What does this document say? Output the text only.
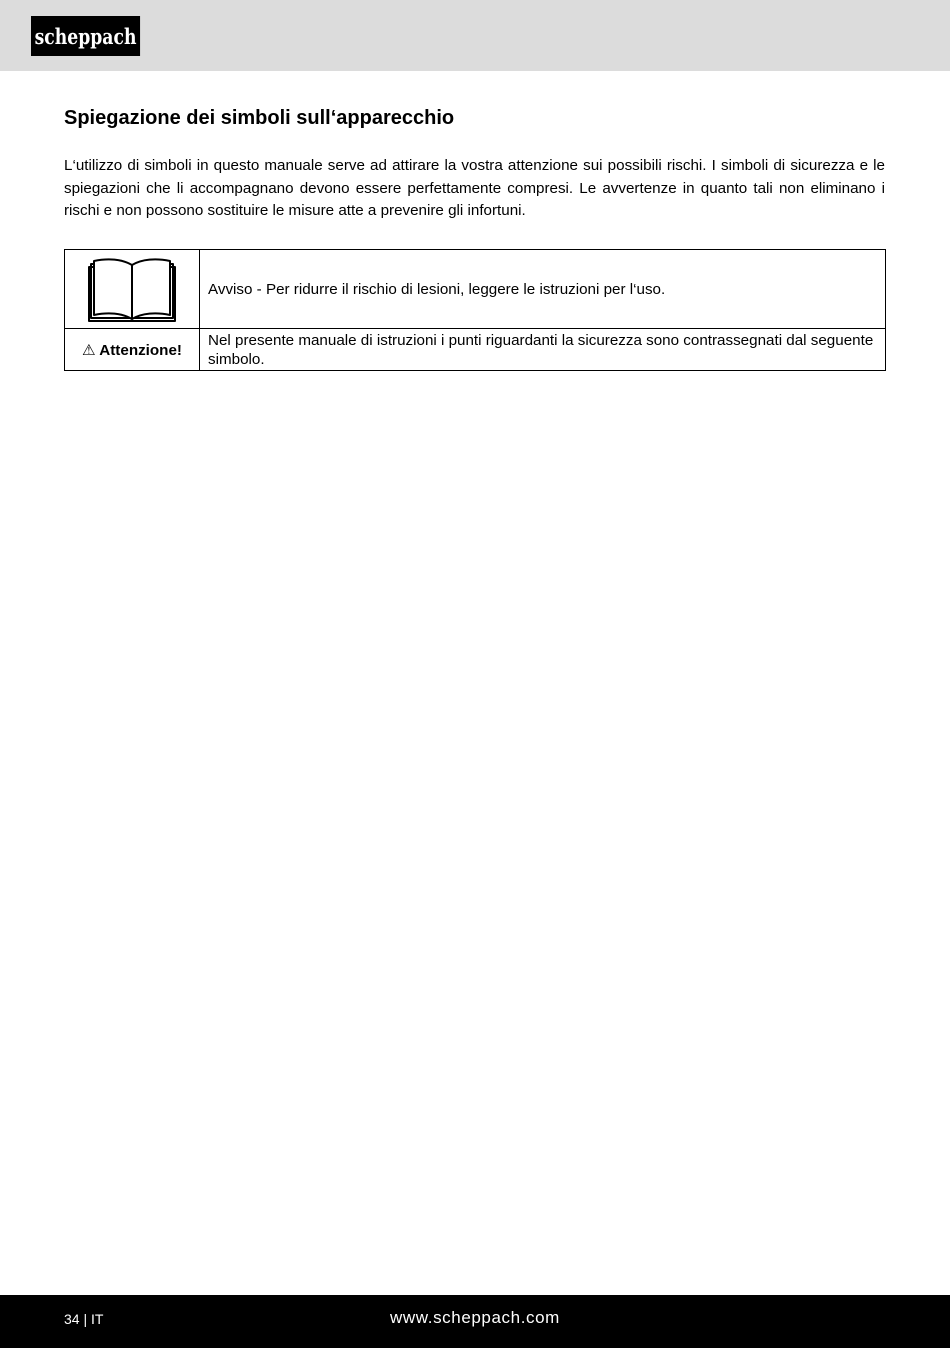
scheppach
Spiegazione dei simboli sull‘apparecchio

L‘utilizzo di simboli in questo manuale serve ad attirare la vostra attenzione sui possibili rischi. I simboli di sicurezza e le spiegazioni che li accompagnano devono essere perfettamente compresi. Le avvertenze in quanto tali non eliminano i rischi e non possono sostituire le misure atte a prevenire gli infortuni.

	Avviso - Per ridurre il rischio di lesioni, leggere le istruzioni per l‘uso.
⚠ Attenzione!	Nel presente manuale di istruzioni i punti riguardanti la sicurezza sono contrassegnati dal seguente simbolo.
34 | IT	www.scheppach.com
